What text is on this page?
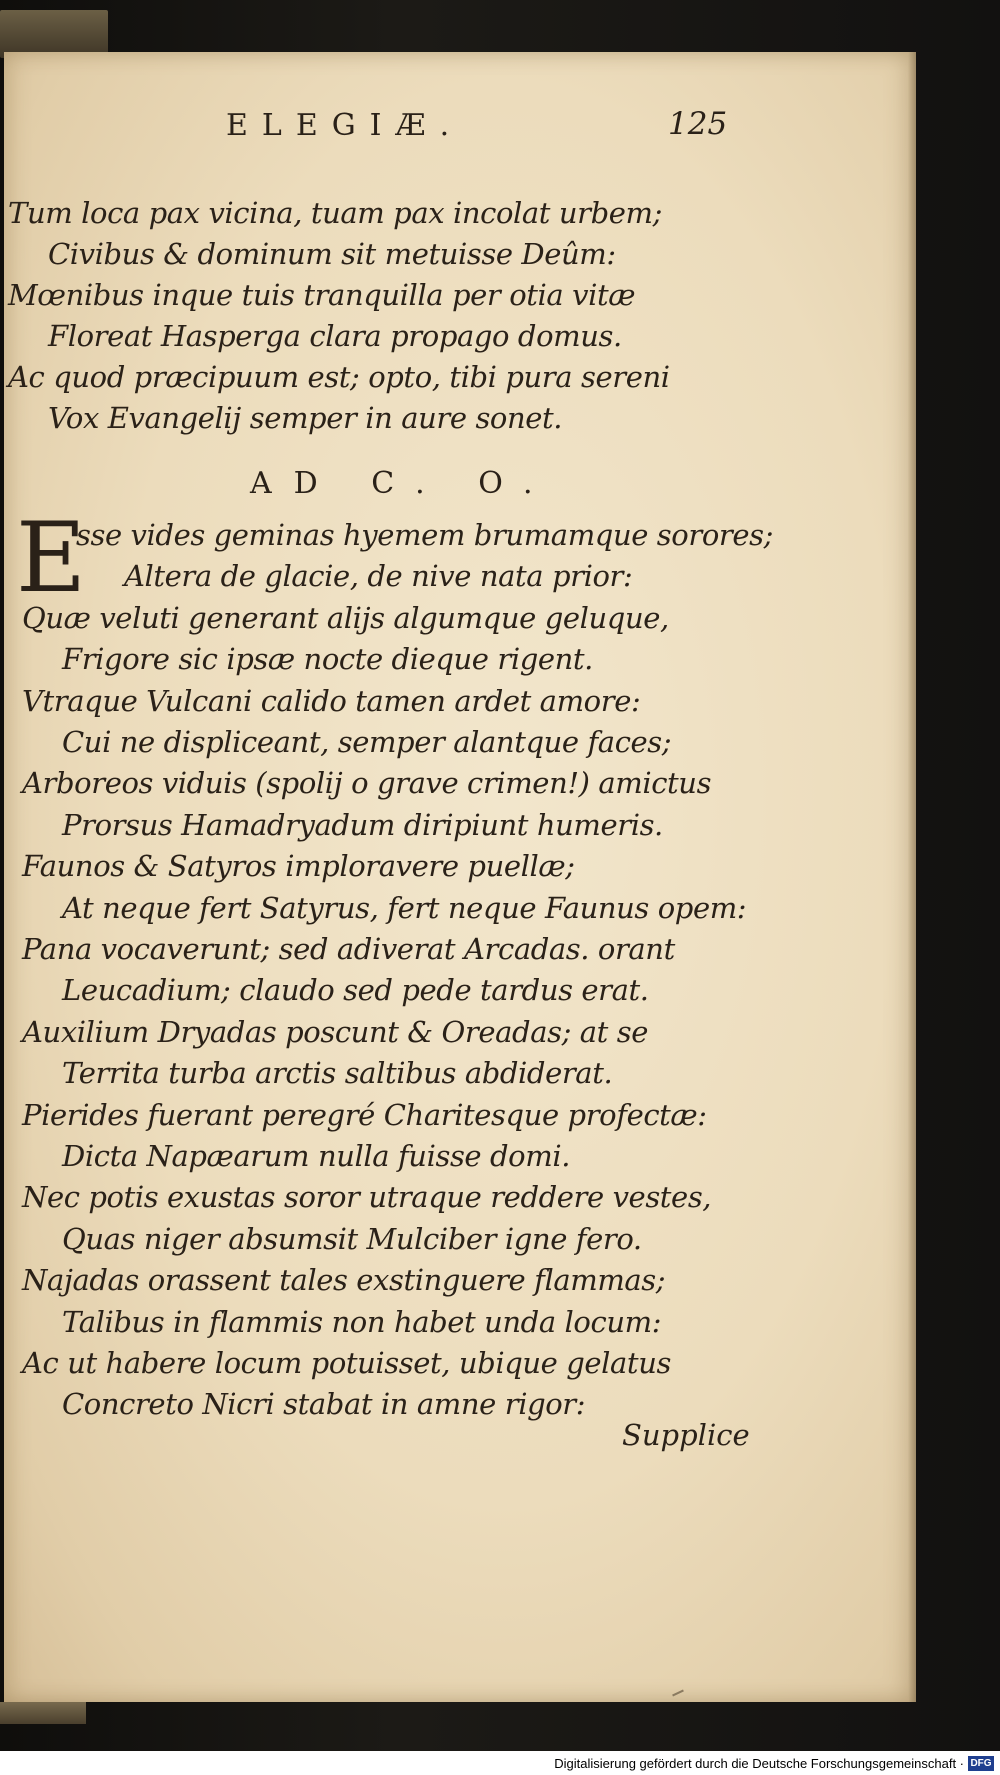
ELEGIÆ.	125
Tum loca pax vicina, tuam pax incolat urbem;
Civibus & dominum sit metuisse Deûm:
Mœnibus inque tuis tranquilla per otia vitæ
Floreat Hasperga clara propago domus.
Ac quod præcipuum est; opto, tibi pura sereni
Vox Evangelij semper in aure sonet.
AD C. O.
E
sse vides geminas hyemem brumamque sorores;
Altera de glacie, de nive nata prior:
Quæ veluti generant alijs algumque geluque,
Frigore sic ipsæ nocte dieque rigent.
Vtraque Vulcani calido tamen ardet amore:
Cui ne displiceant, semper alantque faces;
Arboreos viduis (spolij o grave crimen!) amictus
Prorsus Hamadryadum diripiunt humeris.
Faunos & Satyros imploravere puellæ;
At neque fert Satyrus, fert neque Faunus opem:
Pana vocaverunt; sed adiverat Arcadas. orant
Leucadium; claudo sed pede tardus erat.
Auxilium Dryadas poscunt & Oreadas; at se
Territa turba arctis saltibus abdiderat.
Pierides fuerant peregré Charitesque profectæ:
Dicta Napæarum nulla fuisse domi.
Nec potis exustas soror utraque reddere vestes,
Quas niger absumsit Mulciber igne fero.
Najadas orassent tales exstinguere flammas;
Talibus in flammis non habet unda locum:
Ac ut habere locum potuisset, ubique gelatus
Concreto Nicri stabat in amne rigor:
Supplice
Digitalisierung gefördert durch die Deutsche Forschungsgemeinschaft · DFG
